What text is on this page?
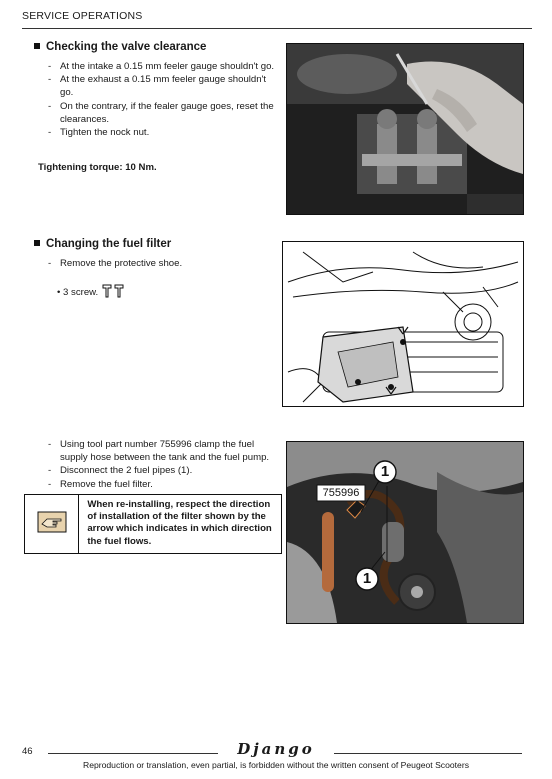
SERVICE OPERATIONS
Checking the valve clearance
- At the intake a 0.15 mm feeler gauge shouldn't go.
- At the exhaust a 0.15 mm feeler gauge shouldn't go.
- On the contrary, if the fealer gauge goes, reset the clearances.
- Tighten the nock nut.
Tightening torque: 10 Nm.
Changing the fuel filter
- Remove the protective shoe.
• 3 screw.
- Using tool part number 755996 clamp the fuel supply hose between the tank and the fuel pump.
- Disconnect the 2 fuel pipes (1).
- Remove the fuel filter.
When re-installing, respect the direction of installation of the filter shown by the arrow which indicates in which direction the fuel flows.
755996
1
1
46	Django
Reproduction or translation, even partial, is forbidden without the written consent of Peugeot Scooters
